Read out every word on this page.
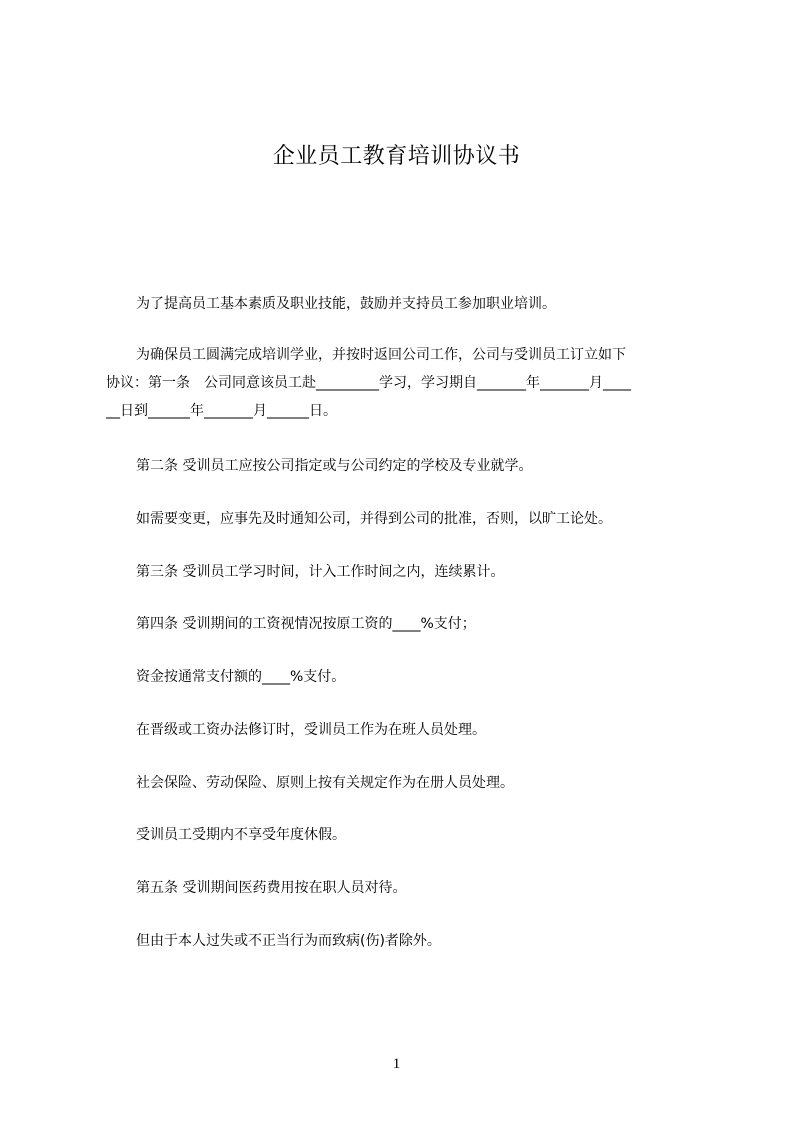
企业员工教育培训协议书
为了提高员工基本素质及职业技能，鼓励并支持员工参加职业培训。
为确保员工圆满完成培训学业，并按时返回公司工作，公司与受训员工订立如下
协议：第一条　公司同意该员工赴_________学习，学习期自_______年_______月____
__日到______年_______月______日。
第二条 受训员工应按公司指定或与公司约定的学校及专业就学。
如需要变更，应事先及时通知公司，并得到公司的批准，否则，以旷工论处。
第三条 受训员工学习时间，计入工作时间之内，连续累计。
第四条 受训期间的工资视情况按原工资的____%支付；
资金按通常支付额的____%支付。
在晋级或工资办法修订时，受训员工作为在班人员处理。
社会保险、劳动保险、原则上按有关规定作为在册人员处理。
受训员工受期内不享受年度休假。
第五条 受训期间医药费用按在职人员对待。
但由于本人过失或不正当行为而致病(伤)者除外。
1
